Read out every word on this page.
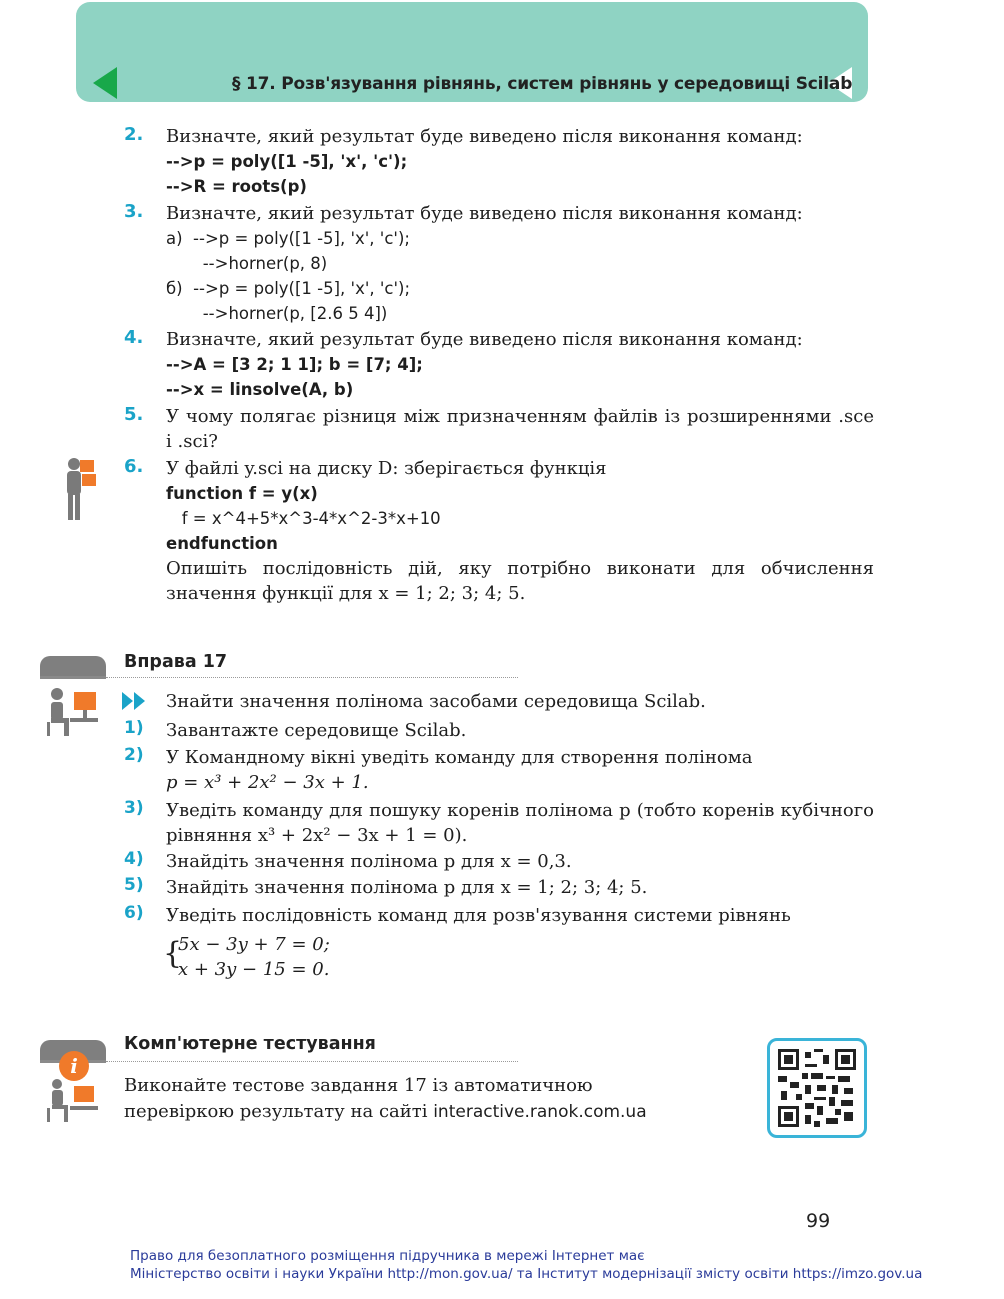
§ 17. Розв'язування рівнянь, систем рівнянь у середовищі Scilab
2. Визначте, який результат буде виведено після виконання команд:
-->p = poly([1 -5], 'x', 'c');
-->R = roots(p)
3. Визначте, який результат буде виведено після виконання команд:
а)  -->p = poly([1 -5], 'x', 'c');
-->horner(p, 8)
б)  -->p = poly([1 -5], 'x', 'c');
-->horner(p, [2.6 5 4])
4. Визначте, який результат буде виведено після виконання команд:
-->A = [3 2; 1 1]; b = [7; 4];
-->x = linsolve(A, b)
5. У чому полягає різниця між призначенням файлів із розширеннями .sce і .sci?
6. У файлі y.sci на диску D: зберігається функція
function f = y(x)
f = x^4+5*x^3-4*x^2-3*x+10
endfunction
Опишіть послідовність дій, яку потрібно виконати для обчислення значення функції для x = 1; 2; 3; 4; 5.
Вправа 17
Знайти значення полінома засобами середовища Scilab.
1) Завантажте середовище Scilab.
2) У Командному вікні уведіть команду для створення полінома
p = x³ + 2x² − 3x + 1.
3) Уведіть команду для пошуку коренів полінома p (тобто коренів кубічного рівняння x³ + 2x² − 3x + 1 = 0).
4) Знайдіть значення полінома p для x = 0,3.
5) Знайдіть значення полінома p для x = 1; 2; 3; 4; 5.
6) Уведіть послідовність команд для розв'язування системи рівнянь
{
5x − 3y + 7 = 0;
x + 3y − 15 = 0.
Комп'ютерне тестування
i
Виконайте тестове завдання 17 із автоматичною
перевіркою результату на сайті interactive.ranok.com.ua
99
Право для безоплатного розміщення підручника в мережі Інтернет має
Міністерство освіти і науки України http://mon.gov.ua/ та Інститут модернізації змісту освіти https://imzo.gov.ua
